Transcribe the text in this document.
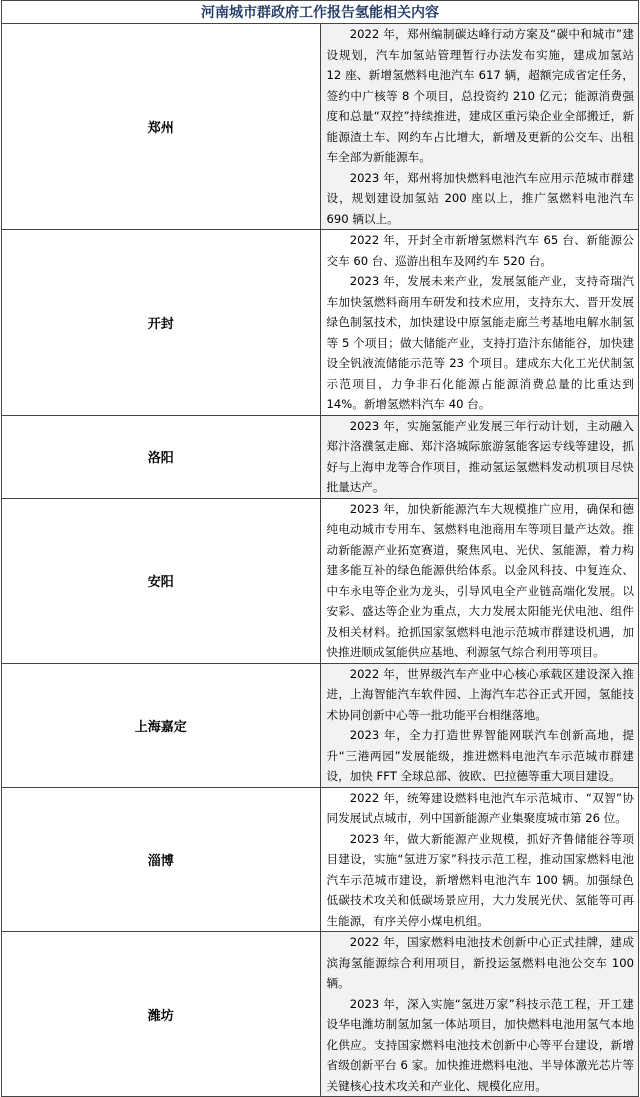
河南城市群政府工作报告氢能相关内容	
郑州	2022 年，郑州编制碳达峰行动方案及“碳中和城市”建设规划，汽车加氢站管理暂行办法发布实施，建成加氢站 12 座、新增氢燃料电池汽车 617 辆，超额完成省定任务，签约中广核等 8 个项目，总投资约 210 亿元；能源消费强度和总量“双控”持续推进，建成区重污染企业全部搬迁，新能源渣土车、网约车占比增大，新增及更新的公交车、出租车全部为新能源车。

2023 年，郑州将加快燃料电池汽车应用示范城市群建设，规划建设加氢站 200 座以上，推广氢燃料电池汽车 690 辆以上。

开封	2022 年，开封全市新增氢燃料汽车 65 台、新能源公交车 60 台、巡游出租车及网约车 520 台。

2023 年，发展未来产业，发展氢能产业，支持奇瑞汽车加快氢燃料商用车研发和技术应用，支持东大、晋开发展绿色制氢技术，加快建设中原氢能走廊兰考基地电解水制氢等 5 个项目；做大储能产业，支持打造汴东储能谷，加快建设全钒液流储能示范等 23 个项目。建成东大化工光伏制氢示范项目，力争非石化能源占能源消费总量的比重达到 14%。新增氢燃料汽车 40 台。

洛阳	2023 年，实施氢能产业发展三年行动计划，主动融入郑汴洛濮氢走廊、郑汴洛城际旅游氢能客运专线等建设，抓好与上海申龙等合作项目，推动氢运氢燃料发动机项目尽快批量达产。

安阳	2023 年，加快新能源汽车大规模推广应用，确保和德纯电动城市专用车、氢燃料电池商用车等项目量产达效。推动新能源产业拓宽赛道，聚焦风电、光伏、氢能源，着力构建多能互补的绿色能源供给体系。以金风科技、中复连众、中车永电等企业为龙头，引导风电全产业链高端化发展。以安彩、盛达等企业为重点，大力发展太阳能光伏电池、组件及相关材料。抢抓国家氢燃料电池示范城市群建设机遇，加快推进顺成氢能供应基地、利源氢气综合利用等项目。

上海嘉定	2022 年，世界级汽车产业中心核心承载区建设深入推进，上海智能汽车软件园、上海汽车芯谷正式开园，氢能技术协同创新中心等一批功能平台相继落地。

2023 年，全力打造世界智能网联汽车创新高地，提升“三港两园”发展能级，推进燃料电池汽车示范城市群建设，加快 FFT 全球总部、彼欧、巴拉德等重大项目建设。

淄博	2022 年，统筹建设燃料电池汽车示范城市、“双智”协同发展试点城市，列中国新能源产业集聚度城市第 26 位。

2023 年，做大新能源产业规模，抓好齐鲁储能谷等项目建设，实施“氢进万家”科技示范工程，推动国家燃料电池汽车示范城市建设，新增燃料电池汽车 100 辆。加强绿色低碳技术攻关和低碳场景应用，大力发展光伏、氢能等可再生能源，有序关停小煤电机组。

潍坊	2022 年，国家燃料电池技术创新中心正式挂牌，建成滨海氢能源综合利用项目，新投运氢燃料电池公交车 100 辆。

2023 年，深入实施“氢进万家”科技示范工程，开工建设华电潍坊制氢加氢一体站项目，加快燃料电池用氢气本地化供应。支持国家燃料电池技术创新中心等平台建设，新增省级创新平台 6 家。加快推进燃料电池、半导体激光芯片等关键核心技术攻关和产业化、规模化应用。
